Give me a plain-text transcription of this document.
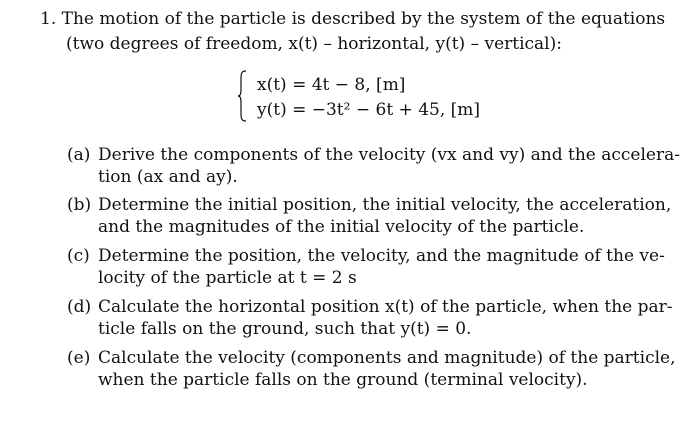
1. The motion of the particle is described by the system of the equations
(two degrees of freedom, x(t) – horizontal, y(t) – vertical):
x(t) = 4t − 8, [m]
y(t) = −3t² − 6t + 45, [m]
(a) Derive the components of the velocity (vx and vy) and the accelera-
tion (ax and ay).
(b) Determine the initial position, the initial velocity, the acceleration,
and the magnitudes of the initial velocity of the particle.
(c) Determine the position, the velocity, and the magnitude of the ve-
locity of the particle at t = 2 s
(d) Calculate the horizontal position x(t) of the particle, when the par-
ticle falls on the ground, such that y(t) = 0.
(e) Calculate the velocity (components and magnitude) of the particle,
when the particle falls on the ground (terminal velocity).
